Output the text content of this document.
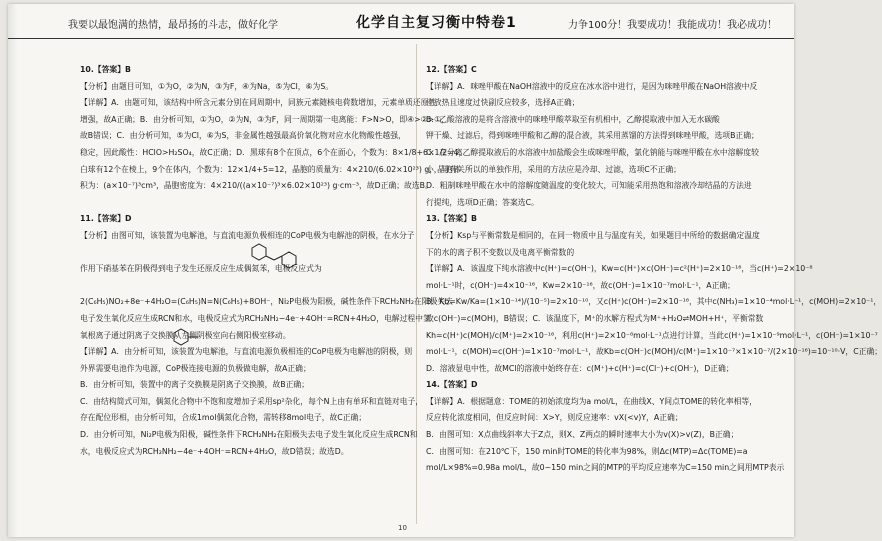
我要以最饱满的热情，最昂扬的斗志，做好化学	化学自主复习衡中特卷1	力争100分！我要成功！我能成功！我必成功！

10.【答案】B

【分析】由题目可知，①为O，②为N，③为F，④为Na，⑤为Cl，⑥为S。

【详解】A．由题可知，该结构中所含元素分别在同周期中，同族元素随核电荷数增加，元素单质还原性

增强，故A正确；B．由分析可知，①为O，②为N，③为F，同一周期第一电离能：F>N>O，即④>②>①，

故B错误；C．由分析可知，⑤为Cl，⑥为S，非金属性越强最高价氧化物对应水化物酸性越强，

稳定，因此酸性：HClO>H₂SO₄，故C正确；D．黑球有8个在顶点，6个在面心，个数为：8×1/8+6×1/2=4，

白球有12个在棱上，9个在体内，个数为：12×1/4+5=12，晶胞的质量为：4×210/(6.02×10²³) g，晶胞体

积为：(a×10⁻⁷)³cm³，晶胞密度为：4×210/((a×10⁻⁷)³×6.02×10²³) g·cm⁻³，故D正确；故选B。

11.【答案】D

【分析】由图可知，该装置为电解池，与直流电源负极相连的CoP电极为电解池的阴极，在水分子

作用下硝基苯在阴极得到电子发生还原反应生成偶氮苯，电极反应式为

2(C₆H₅)NO₂+8e⁻+4H₂O=(C₆H₅)N=N(C₆H₅)+8OH⁻，Ni₂P电极为阳极，碱性条件下RCH₂NH₂在阳极失去

电子发生氧化反应生成RCN和水，电极反应式为RCH₂NH₂−4e⁻+4OH⁻=RCN+4H₂O，电解过程中氢

氧根离子通过阴离子交换膜从左侧阴极室向右侧阳极室移动。

【详解】A．由分析可知，该装置为电解池，与直流电源负极相连的CoP电极为电解池的阴极，则

外界需要电池作为电源，CoP极连接电源的负极做电解，故A正确；

B．由分析可知，装置中的离子交换膜是阴离子交换膜，故B正确；

C．由结构简式可知，偶氮化合物中不饱和度增加子采用sp²杂化，每个N上由有单环和直链对电子，

存在配位形相，由分析可知，合成1mol偶氮化合物，需转移8mol电子，故C正确；

D．由分析可知，Ni₂P电极为阳极，碱性条件下RCH₂NH₂在阳极失去电子发生氧化反应生成RCN和

水，电极反应式为RCH₂NH₂−4e⁻+4OH⁻=RCN+4H₂O，故D错误；故选D。

12.【答案】C

【详解】A．咪唑甲酸在NaOH溶液中的反应在冰水浴中进行，是因为咪唑甲酸在NaOH溶液中反

应放热且速度过快副反应较多，选择A正确；

B．乙酸溶液的是将含溶液中的咪唑甲酸萃取至有机相中，乙醇提取液中加入无水碳酸

钾干燥、过滤后，得到咪唑甲酸和乙醇的混合液，其采用蒸馏的方法得到咪唑甲酸，选项B正确；

C．在分离乙醇提取液后的水溶液中加盐酸会生成咪唑甲酸，氯化钠能与咪唑甲酸在水中溶解度较

小，与有关所以的单独作用，采用的方法应是冷却、过滤，选项C不正确；

D．粗制咪唑甲酸在水中的溶解度随温度的变化较大，可知能采用热饱和溶液冷却结晶的方法进

行提纯，选项D正确；答案选C。

13.【答案】B

【分析】Ksp与平衡常数是相同的，在同一物质中且与温度有关，如果题目中所给的数据确定温度

下的水的离子积不变数以及电离平衡常数的

【详解】A．该温度下纯水溶液中c(H⁺)=c(OH⁻)，Kw=c(H⁺)×c(OH⁻)=c²(H⁺)=2×10⁻¹⁶，当c(H⁺)=2×10⁻⁸

mol·L⁻¹时，c(OH⁻)=4×10⁻¹⁶，Kw=2×10⁻¹⁶，故c(OH⁻)=1×10⁻⁷mol·L⁻¹，A正确；

B．Kb=Kw/Ka=(1×10⁻¹⁴)/(10⁻⁵)=2×10⁻¹⁰，又c(H⁺)c(OH⁻)=2×10⁻¹⁶，其中c(NH₃)=1×10⁻⁴mol·L⁻¹，c(MOH)=2×10⁻¹，

故c(OH⁻)=c(MOH)，B错误；C．该温度下，M⁺的水解方程式为M⁺+H₂O⇌MOH+H⁺，平衡常数

Kh=c(H⁺)c(MOH)/c(M⁺)=2×10⁻¹⁶，利用c(H⁺)=2×10⁻⁸mol·L⁻¹点进行计算，当此c(H⁺)=1×10⁻⁹mol·L⁻¹，c(OH⁻)=1×10⁻⁷

mol·L⁻¹，c(MOH)=c(OH⁻)=1×10⁻⁷mol·L⁻¹，故Kb=c(OH⁻)c(MOH)/c(M⁺)=1×10⁻⁷×1×10⁻⁷/(2×10⁻¹⁶)=10⁻¹⁰·V，C正确；

D．溶液显电中性，故MCl的溶液中始终存在：c(M⁺)+c(H⁺)=c(Cl⁻)+c(OH⁻)，D正确；

14.【答案】D

【详解】A．根据题意：TOME的初始浓度均为a mol/L，在曲线X、Y间点TOME的转化率相等，

反应转化浓度相同，但反应时间：X>Y，则反应速率：vX(<v)Y，A正确；

B．由图可知：X点曲线斜率大于Z点，则X、Z两点的瞬时速率大小为v(X)>v(Z)，B正确；

C．由图可知：在210℃下，150 min时TOME的转化率为98%，则Δc(MTP)=Δc(TOME)=a

mol/L×98%=0.98a mol/L，故0~150 min之间的MTP的平均反应速率为C=150 min之间用MTP表示

10
